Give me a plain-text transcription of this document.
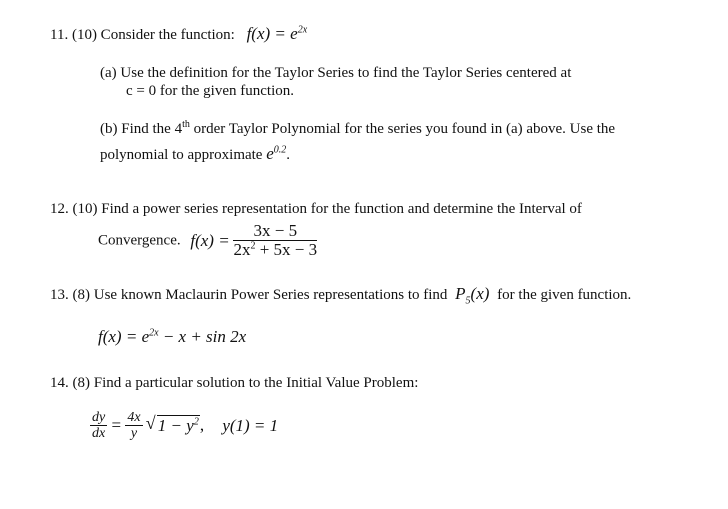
11. (10) Consider the function: $f(x) = e^{2x}$
(a) Use the definition for the Taylor Series to find the Taylor Series centered at
c = 0 for the given function.
(b) Find the 4th order Taylor Polynomial for the series you found in (a) above. Use the
polynomial to approximate $e^{0.2}$.
12. (10) Find a power series representation for the function and determine the Interval of
Convergence. $f(x) = \frac{3x - 5}{2x^2 + 5x - 3}$
13. (8) Use known Maclaurin Power Series representations to find $P_5(x)$ for the given function.
$f(x) = e^{2x} - x + \sin 2x$
14. (8) Find a particular solution to the Initial Value Problem:
$\frac{dy}{dx} = \frac{4x}{y}$
√ $1 - y^2$, y(1) = 1
